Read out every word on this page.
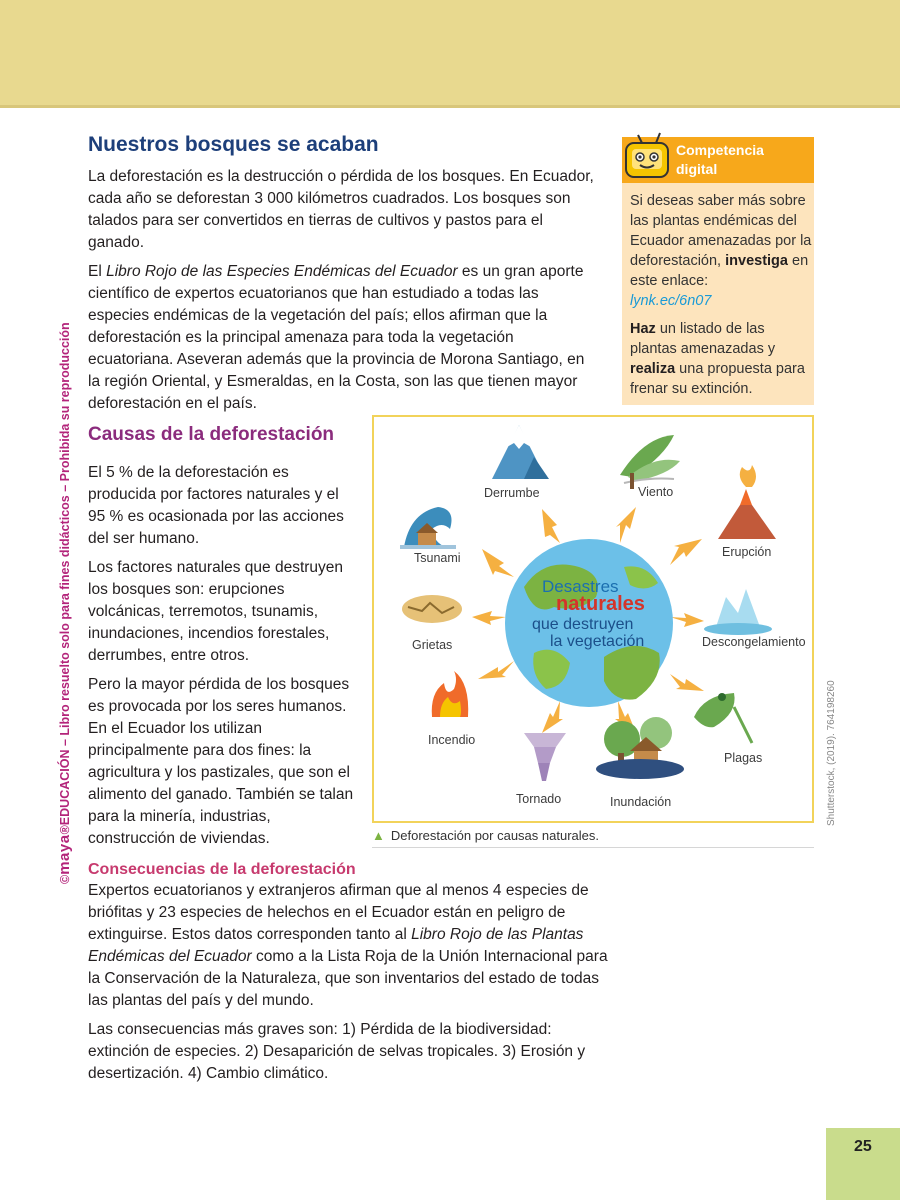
©maya®EDUCACIÓN – Libro resuelto solo para fines didácticos – Prohibida su reproducción
Nuestros bosques se acaban

La deforestación es la destrucción o pérdida de los bosques. En Ecuador, cada año se deforestan 3 000 kilómetros cuadrados. Los bosques son talados para ser convertidos en tierras de cultivos y pastos para el ganado.

El Libro Rojo de las Especies Endémicas del Ecuador es un gran aporte científico de expertos ecuatorianos que han estudiado a todas las especies endémicas de la vegetación del país; ellos afirman que la deforestación es la principal amenaza para toda la vegetación ecuatoriana. Aseveran además que la provincia de Morona Santiago, en la región Oriental, y Esmeraldas, en la Costa, son las que tienen mayor deforestación en el país.

Competencia digital

Si deseas saber más sobre las plantas endémicas del Ecuador amenazadas por la deforestación, investiga en este enlace:
lynk.ec/6n07

Haz un listado de las plantas amenazadas y realiza una propuesta para frenar su extinción.

Causas de la deforestación

El 5 % de la deforestación es producida por factores naturales y el 95 % es ocasionada por las acciones del ser humano.

Los factores naturales que destruyen los bosques son: erupciones volcánicas, terremotos, tsunamis, inundaciones, incendios forestales, derrumbes, entre otros.

Pero la mayor pérdida de los bosques es provocada por los seres humanos. En el Ecuador los utilizan principalmente para dos fines: la agricultura y los pastizales, que son el alimento del ganado. También se talan para la minería, industrias, construcción de viviendas.

Derrumbe	Viento
Tsunami	Erupción
Grietas	Descongelamiento
Incendio
Plagas
Tornado	Inundación
Desastres
naturales
que destruyen
la vegetación
Shutterstock, (2019). 764198260
▲ Deforestación por causas naturales.
Consecuencias de la deforestación

Expertos ecuatorianos y extranjeros afirman que al menos 4 especies de briófitas y 23 especies de helechos en el Ecuador están en peligro de extinguirse. Estos datos corresponden tanto al Libro Rojo de las Plantas Endémicas del Ecuador como a la Lista Roja de la Unión Internacional para la Conservación de la Naturaleza, que son inventarios del estado de todas las plantas del país y del mundo.

Las consecuencias más graves son: 1) Pérdida de la biodiversidad: extinción de especies. 2) Desaparición de selvas tropicales. 3) Erosión y desertización. 4) Cambio climático.

25
